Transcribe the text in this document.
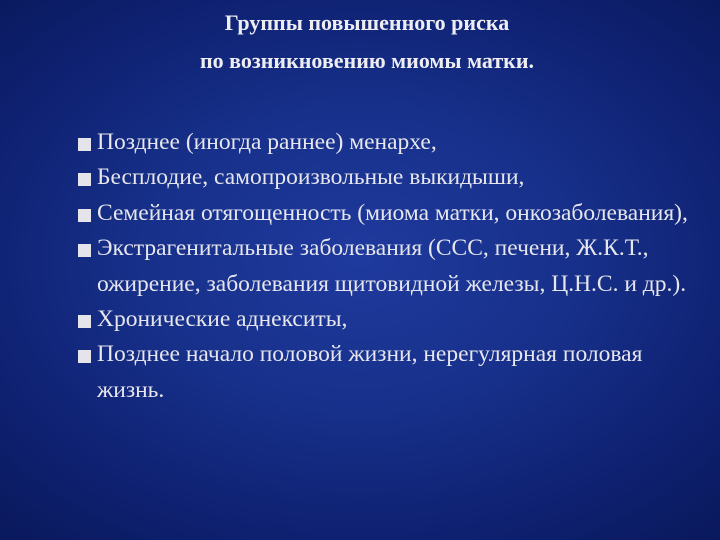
Группы повышенного риска
по возникновению миомы матки.
Позднее (иногда раннее) менархе,
Бесплодие, самопроизвольные выкидыши,
Семейная отягощенность (миома матки, онкозаболевания),
Экстрагенитальные заболевания (ССС, печени, Ж.К.Т., ожирение, заболевания щитовидной железы, Ц.Н.С. и др.).
Хронические аднекситы,
Позднее начало половой жизни, нерегулярная половая жизнь.
